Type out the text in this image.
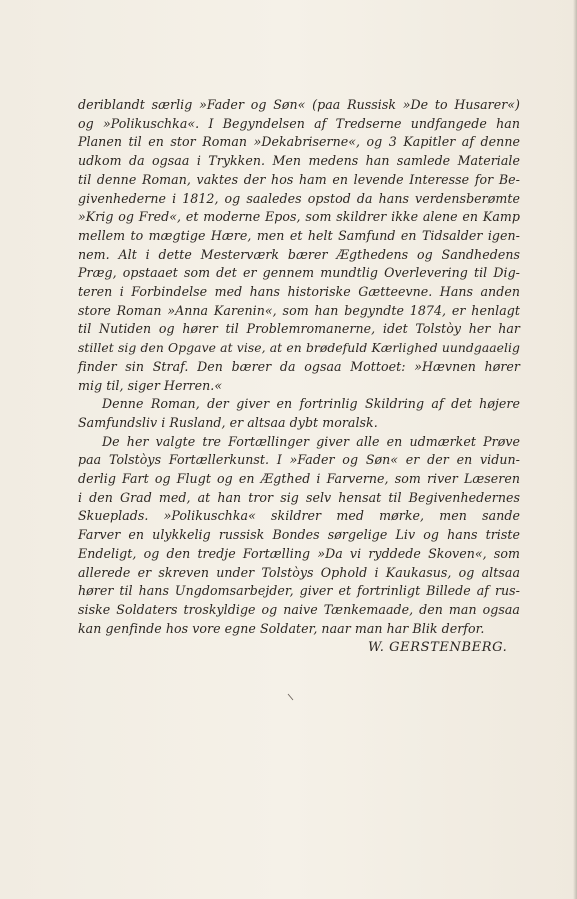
deriblandt særlig »Fader og Søn« (paa Russisk »De to Husarer«)
og »Polikuschka«. I Begyndelsen af Tredserne undfangede han
Planen til en stor Roman »Dekabriserne«, og 3 Kapitler af denne
udkom da ogsaa i Trykken. Men medens han samlede Materiale
til denne Roman, vaktes der hos ham en levende Interesse for Be-
givenhederne i 1812, og saaledes opstod da hans verdensberømte
»Krig og Fred«, et moderne Epos, som skildrer ikke alene en Kamp
mellem to mægtige Hære, men et helt Samfund en Tidsalder igen-
nem. Alt i dette Mesterværk bærer Ægthedens og Sandhedens
Præg, opstaaet som det er gennem mundtlig Overlevering til Dig-
teren i Forbindelse med hans historiske Gætteevne. Hans anden
store Roman »Anna Karenin«, som han begyndte 1874, er henlagt
til Nutiden og hører til Problemromanerne, idet Tolstòy her har
stillet sig den Opgave at vise, at en brødefuld Kærlighed uundgaaelig
finder sin Straf. Den bærer da ogsaa Mottoet: »Hævnen hører
mig til, siger Herren.«
Denne Roman, der giver en fortrinlig Skildring af det højere
Samfundsliv i Rusland, er altsaa dybt moralsk.
De her valgte tre Fortællinger giver alle en udmærket Prøve
paa Tolstòys Fortællerkunst. I »Fader og Søn« er der en vidun-
derlig Fart og Flugt og en Ægthed i Farverne, som river Læseren
i den Grad med, at han tror sig selv hensat til Begivenhedernes
Skueplads. »Polikuschka« skildrer med mørke, men sande
Farver en ulykkelig russisk Bondes sørgelige Liv og hans triste
Endeligt, og den tredje Fortælling »Da vi ryddede Skoven«, som
allerede er skreven under Tolstòys Ophold i Kaukasus, og altsaa
hører til hans Ungdomsarbejder, giver et fortrinligt Billede af rus-
siske Soldaters troskyldige og naive Tænkemaade, den man ogsaa
kan genfinde hos vore egne Soldater, naar man har Blik derfor.
W. GERSTENBERG.
